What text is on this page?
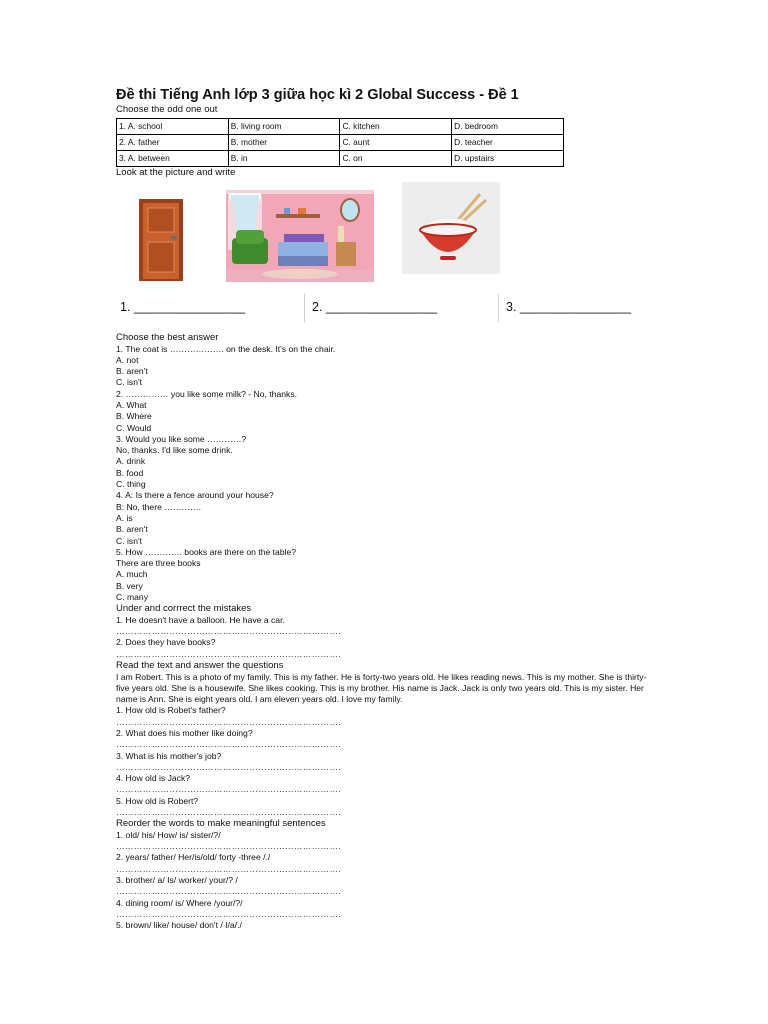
Đề thi Tiếng Anh lớp 3 giữa học kì 2 Global Success - Đề 1

Choose the odd one out

1. A. school	B. living room	C. kitchen	D. bedroom
2. A. father	B. mother	C. aunt	D. teacher
3. A. between	B. in	C. on	D. upstairs

Look at the picture and write

1. ________________	2. ________________	3. ________________

Choose the best answer

1. The coat is ………………. on the desk. It's on the chair.

A. not

B. aren't

C. isn't

2. …………… you like some milk? - No, thanks.

A. What

B. Where

C. Would

3. Would you like some …………?

No, thanks. I'd like some drink.

A. drink

B. food

C. thing

4. A: Is there a fence around your house?

B: No, there ………….

A. is

B. aren't

C. isn't

5. How …………. books are there on the table?

There are three books

A. much

B. very

C. many

Under and corrrect the mistakes

1. He doesn't have a balloon. He have a car.

………………………………………………………………….

2. Does they have books?

………………………………………………………………….

Read the text and answer the questions

I am Robert. This is a photo of my family. This is my father. He is forty-two years old. He likes reading news. This is my mother. She is thirty-five years old. She is a housewife. She likes cooking. This is my brother. His name is Jack. Jack is only two years old. This is my sister. Her name is Ann. She is eight years old. I am eleven years old. I love my family.

1. How old is Robet's father?

………………………………………………………………….

2. What does his mother like doing?

………………………………………………………………….

3. What is his mother's job?

………………………………………………………………….

4. How old is Jack?

………………………………………………………………….

5. How old is Robert?

………………………………………………………………….

Reorder the words to make meaningful sentences

1. old/ his/ How/ is/ sister/?/

………………………………………………………………….

2. years/ father/ Her/is/old/ forty -three /./

………………………………………………………………….

3. brother/ a/ Is/ worker/ your/? /

………………………………………………………………….

4. dining room/ is/ Where /your/?/

………………………………………………………………….

5. brown/ like/ house/ don't / I/a/./
